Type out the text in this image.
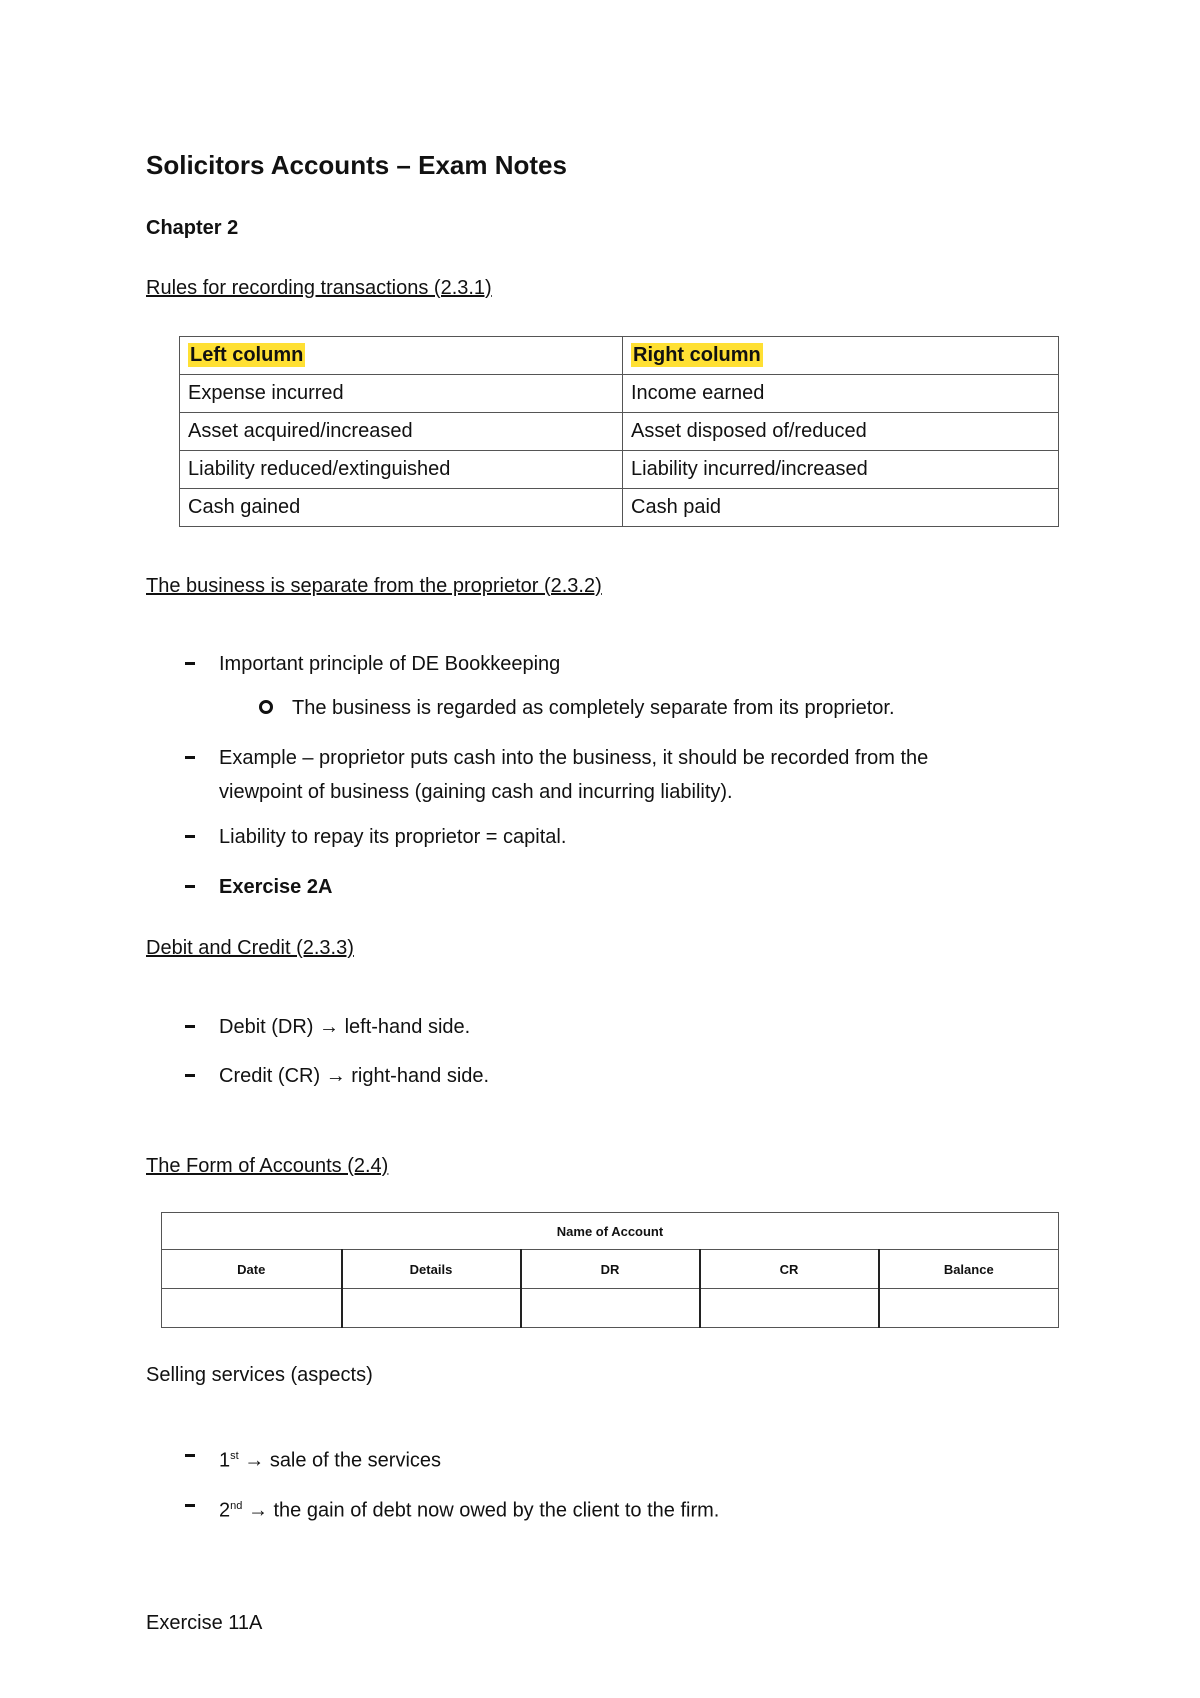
Solicitors Accounts – Exam Notes
Chapter 2
Rules for recording transactions (2.3.1)
Left column	Right column
Expense incurred	Income earned
Asset acquired/increased	Asset disposed of/reduced
Liability reduced/extinguished	Liability incurred/increased
Cash gained	Cash paid
The business is separate from the proprietor (2.3.2)
Important principle of DE Bookkeeping
The business is regarded as completely separate from its proprietor.
Example – proprietor puts cash into the business, it should be recorded from the
viewpoint of business (gaining cash and incurring liability).
Liability to repay its proprietor = capital.
Exercise 2A
Debit and Credit (2.3.3)
Debit (DR) → left-hand side.
Credit (CR) → right-hand side.
The Form of Accounts (2.4)
Name of Account				
Date	Details	DR	CR	Balance

Selling services (aspects)
1st → sale of the services
2nd → the gain of debt now owed by the client to the firm.
Exercise 11A
